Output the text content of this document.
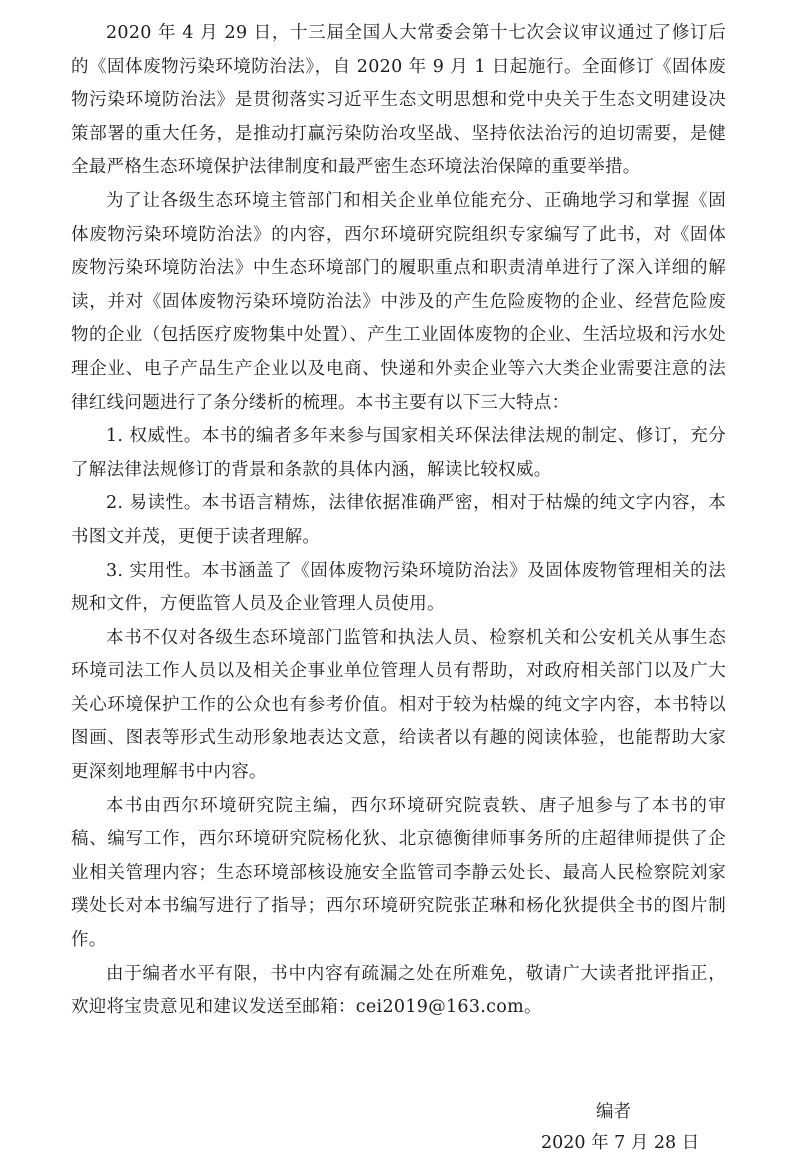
2020 年 4 月 29 日，十三届全国人大常委会第十七次会议审议通过了修订后的《固体废物污染环境防治法》，自 2020 年 9 月 1 日起施行。全面修订《固体废物污染环境防治法》是贯彻落实习近平生态文明思想和党中央关于生态文明建设决策部署的重大任务，是推动打赢污染防治攻坚战、坚持依法治污的迫切需要，是健全最严格生态环境保护法律制度和最严密生态环境法治保障的重要举措。

为了让各级生态环境主管部门和相关企业单位能充分、正确地学习和掌握《固体废物污染环境防治法》的内容，西尔环境研究院组织专家编写了此书，对《固体废物污染环境防治法》中生态环境部门的履职重点和职责清单进行了深入详细的解读，并对《固体废物污染环境防治法》中涉及的产生危险废物的企业、经营危险废物的企业（包括医疗废物集中处置）、产生工业固体废物的企业、生活垃圾和污水处理企业、电子产品生产企业以及电商、快递和外卖企业等六大类企业需要注意的法律红线问题进行了条分缕析的梳理。本书主要有以下三大特点：

1. 权威性。本书的编者多年来参与国家相关环保法律法规的制定、修订，充分了解法律法规修订的背景和条款的具体内涵，解读比较权威。

2. 易读性。本书语言精炼，法律依据准确严密，相对于枯燥的纯文字内容，本书图文并茂，更便于读者理解。

3. 实用性。本书涵盖了《固体废物污染环境防治法》及固体废物管理相关的法规和文件，方便监管人员及企业管理人员使用。

本书不仅对各级生态环境部门监管和执法人员、检察机关和公安机关从事生态环境司法工作人员以及相关企事业单位管理人员有帮助，对政府相关部门以及广大关心环境保护工作的公众也有参考价值。相对于较为枯燥的纯文字内容，本书特以图画、图表等形式生动形象地表达文意，给读者以有趣的阅读体验，也能帮助大家更深刻地理解书中内容。

本书由西尔环境研究院主编，西尔环境研究院袁轶、唐子旭参与了本书的审稿、编写工作，西尔环境研究院杨化狄、北京德衡律师事务所的庄超律师提供了企业相关管理内容；生态环境部核设施安全监管司李静云处长、最高人民检察院刘家璞处长对本书编写进行了指导；西尔环境研究院张芷琳和杨化狄提供全书的图片制作。

由于编者水平有限，书中内容有疏漏之处在所难免，敬请广大读者批评指正，欢迎将宝贵意见和建议发送至邮箱：cei2019@163.com。

编者
2020 年 7 月 28 日
